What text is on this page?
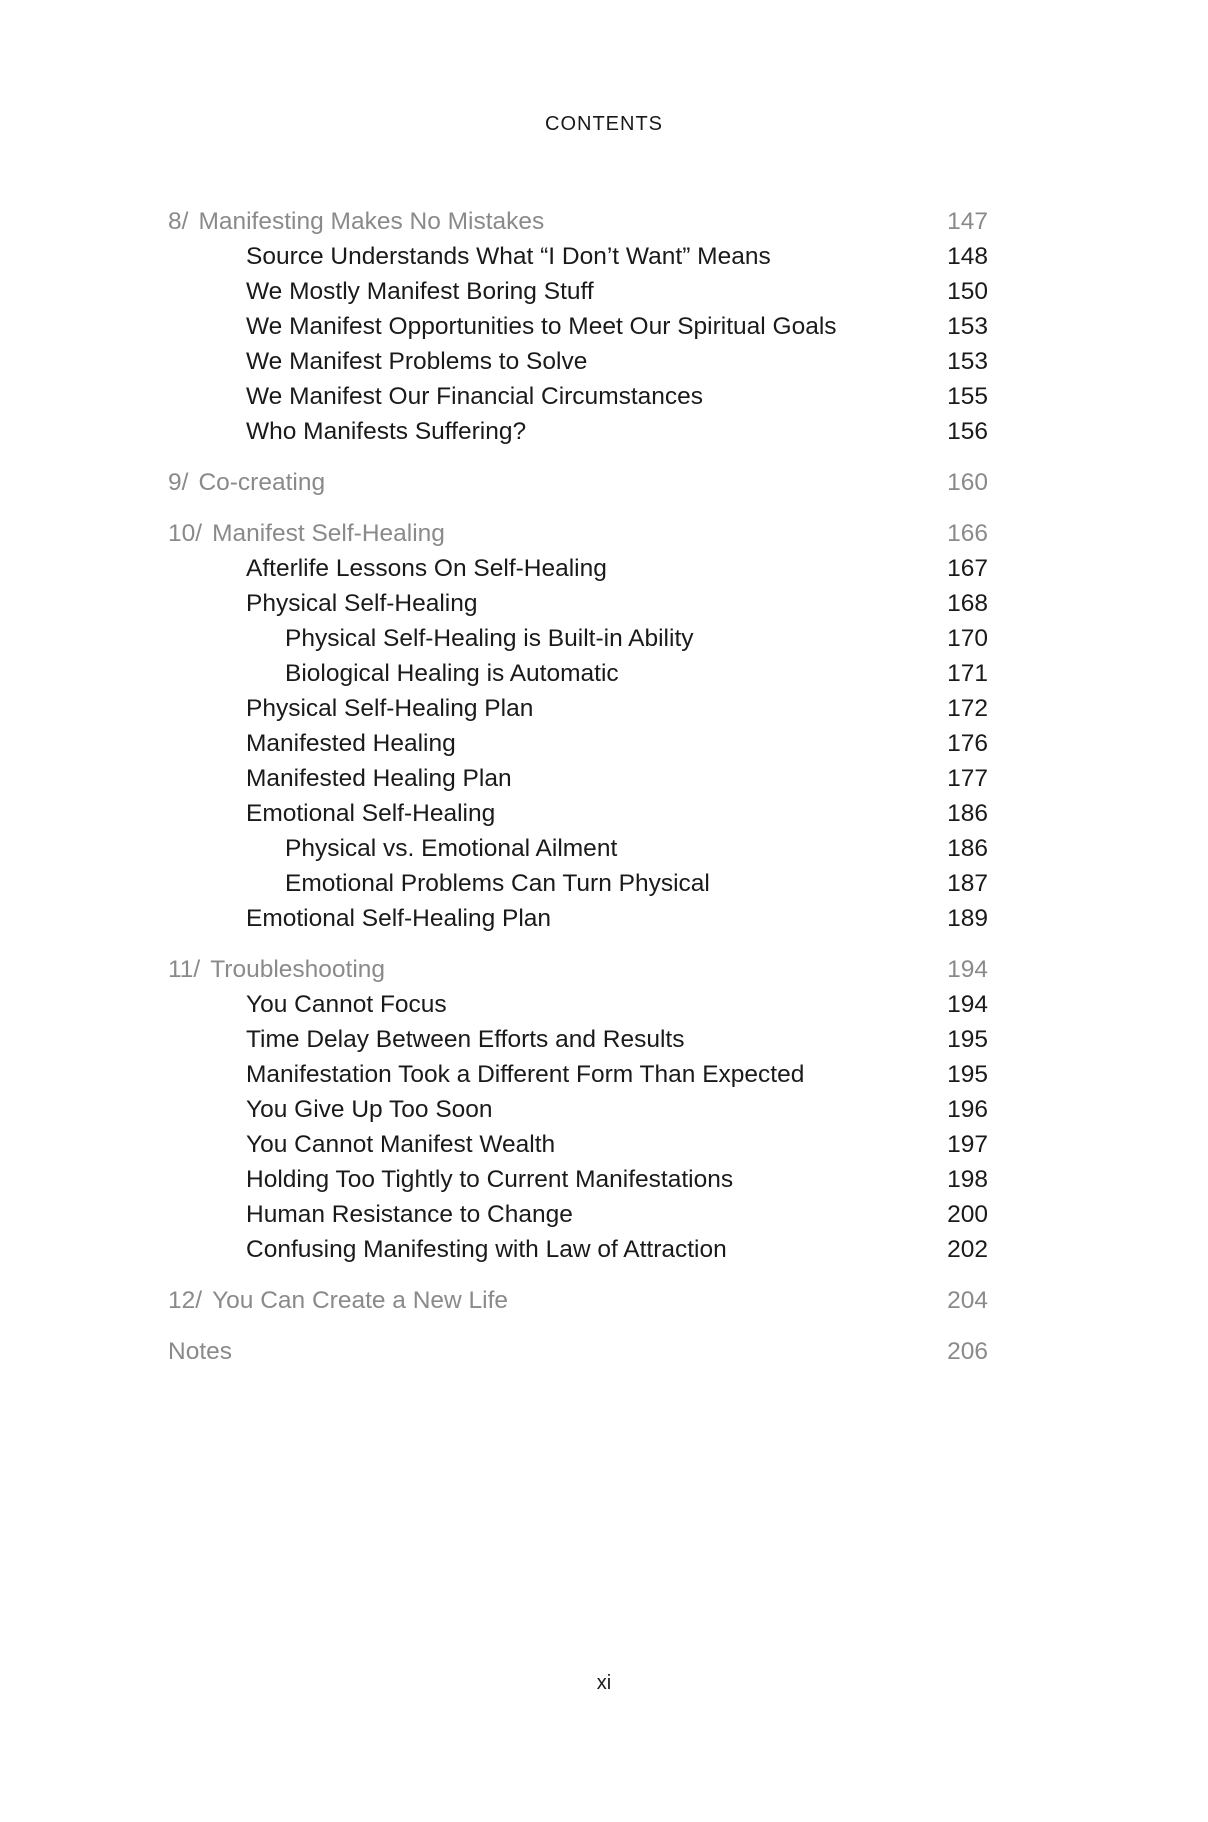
CONTENTS
8/ Manifesting Makes No Mistakes	147
Source Understands What “I Don’t Want” Means	148
We Mostly Manifest Boring Stuff	150
We Manifest Opportunities to Meet Our Spiritual Goals	153
We Manifest Problems to Solve	153
We Manifest Our Financial Circumstances	155
Who Manifests Suffering?	156
9/ Co-creating	160
10/ Manifest Self-Healing	166
Afterlife Lessons On Self-Healing	167
Physical Self-Healing	168
Physical Self-Healing is Built-in Ability	170
Biological Healing is Automatic	171
Physical Self-Healing Plan	172
Manifested Healing	176
Manifested Healing Plan	177
Emotional Self-Healing	186
Physical vs. Emotional Ailment	186
Emotional Problems Can Turn Physical	187
Emotional Self-Healing Plan	189
11/ Troubleshooting	194
You Cannot Focus	194
Time Delay Between Efforts and Results	195
Manifestation Took a Different Form Than Expected	195
You Give Up Too Soon	196
You Cannot Manifest Wealth	197
Holding Too Tightly to Current Manifestations	198
Human Resistance to Change	200
Confusing Manifesting with Law of Attraction	202
12/ You Can Create a New Life	204
Notes	206
xi
